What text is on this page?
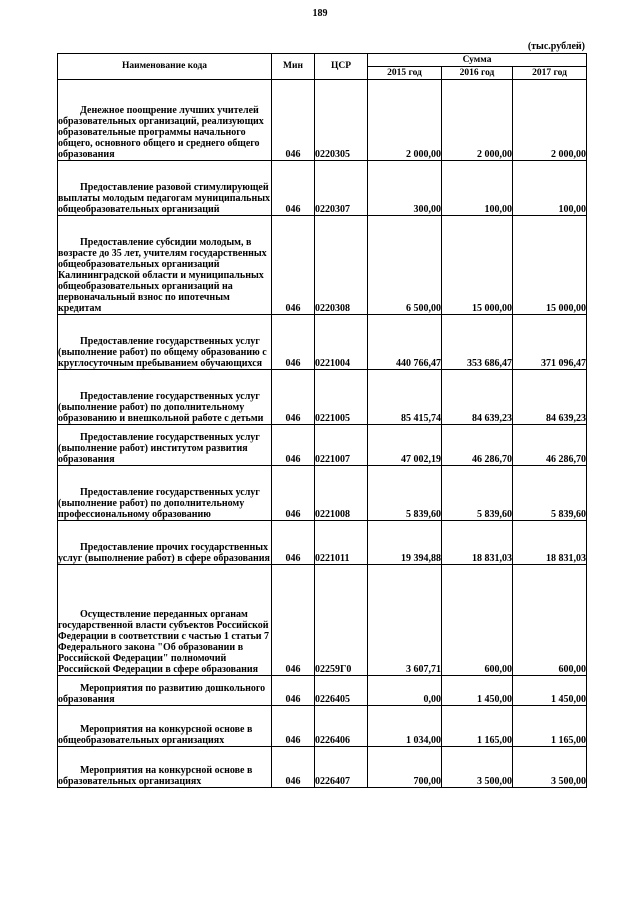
189
(тыс.рублей)
Наименование кода	Мин	ЦСР	Сумма		
			2015 год	2016 год	2017 год

Денежное поощрение лучших учителей образовательных организаций, реализующих образовательные программы начального общего, основного общего и среднего общего образования	046	0220305	2 000,00	2 000,00	2 000,00

Предоставление разовой стимулирующей выплаты молодым педагогам муниципальных общеобразовательных организаций	046	0220307	300,00	100,00	100,00

Предоставление субсидии молодым, в возрасте до 35 лет, учителям государственных общеобразовательных организаций Калининградской области и муниципальных общеобразовательных организаций на первоначальный взнос по ипотечным кредитам	046	0220308	6 500,00	15 000,00	15 000,00

Предоставление государственных услуг (выполнение работ) по общему образованию с круглосуточным пребыванием обучающихся	046	0221004	440 766,47	353 686,47	371 096,47

Предоставление государственных услуг (выполнение работ) по дополнительному образованию и внешкольной работе с детьми	046	0221005	85 415,74	84 639,23	84 639,23

Предоставление государственных услуг (выполнение работ) институтом развития образования	046	0221007	47 002,19	46 286,70	46 286,70

Предоставление государственных услуг (выполнение работ) по дополнительному профессиональному образованию	046	0221008	5 839,60	5 839,60	5 839,60

Предоставление прочих государственных услуг (выполнение работ) в сфере образования	046	0221011	19 394,88	18 831,03	18 831,03

Осуществление переданных органам государственной власти субъектов Российской Федерации в соответствии с частью 1 статьи 7 Федерального закона "Об образовании в Российской Федерации" полномочий Российской Федерации в сфере образования	046	02259Г0	3 607,71	600,00	600,00

Мероприятия по развитию дошкольного образования	046	0226405	0,00	1 450,00	1 450,00

Мероприятия на конкурсной основе в общеобразовательных организациях	046	0226406	1 034,00	1 165,00	1 165,00

Мероприятия на конкурсной основе в образовательных организациях	046	0226407	700,00	3 500,00	3 500,00
